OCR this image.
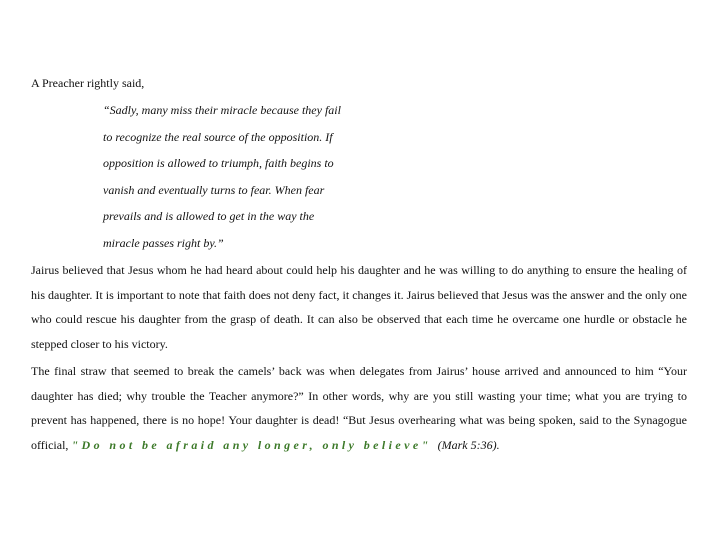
A Preacher rightly said,

“Sadly, many miss their miracle because they fail to recognize the real source of the opposition. If opposition is allowed to triumph, faith begins to vanish and eventually turns to fear. When fear prevails and is allowed to get in the way the miracle passes right by.”

Jairus believed that Jesus whom he had heard about could help his daughter and he was willing to do anything to ensure the healing of his daughter. It is important to note that faith does not deny fact, it changes it. Jairus believed that Jesus was the answer and the only one who could rescue his daughter from the grasp of death. It can also be observed that each time he overcame one hurdle or obstacle he stepped closer to his victory.

The final straw that seemed to break the camels’ back was when delegates from Jairus’ house arrived and announced to him “Your daughter has died; why trouble the Teacher anymore?” In other words, why are you still wasting your time; what you are trying to prevent has happened, there is no hope! Your daughter is dead! “But Jesus overhearing what was being spoken, said to the Synagogue official, "Do not be afraid any longer, only believe" (Mark 5:36).
